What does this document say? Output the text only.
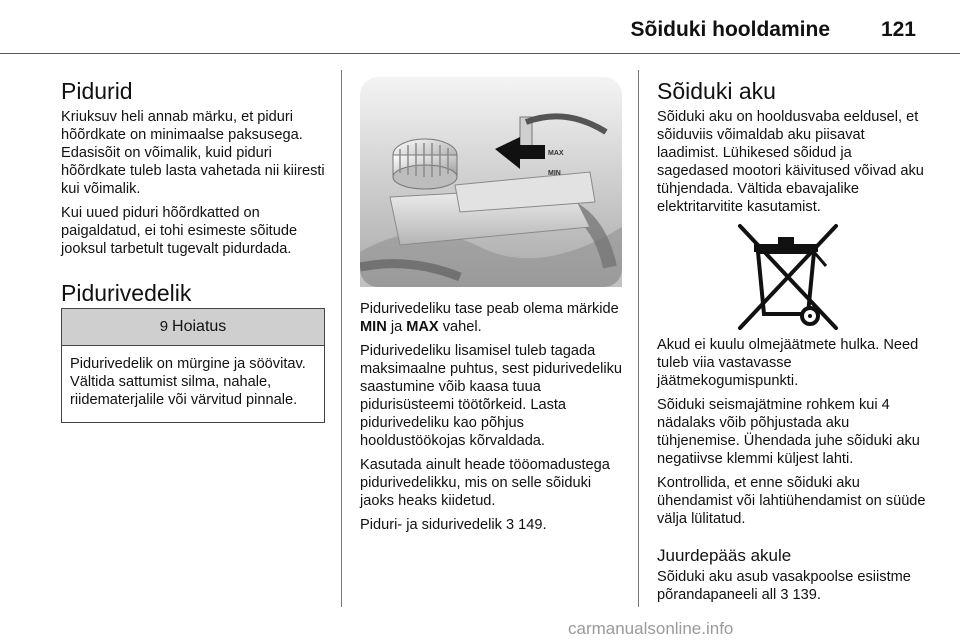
Sõiduki hooldamine 121
Pidurid

Kriuksuv heli annab märku, et piduri hõõrdkate on minimaalse paksusega. Edasisõit on võimalik, kuid piduri hõõrdkate tuleb lasta vahetada nii kiiresti kui võimalik.

Kui uued piduri hõõrdkatted on paigaldatud, ei tohi esimeste sõitude jooksul tarbetult tugevalt pidurdada.

Pidurivedelik
9 Hoiatus
Pidurivedelik on mürgine ja söövitav. Vältida sattumist silma, nahale, riidematerjalile või värvitud pinnale.
MAX
MIN

Pidurivedeliku tase peab olema märkide MIN ja MAX vahel.

Pidurivedeliku lisamisel tuleb tagada maksimaalne puhtus, sest pidurivedeliku saastumine võib kaasa tuua pidurisüsteemi töötõrkeid. Lasta pidurivedeliku kao põhjus hooldustöökojas kõrvaldada.

Kasutada ainult heade tööomadustega pidurivedelikku, mis on selle sõiduki jaoks heaks kiidetud.

Piduri- ja sidurivedelik 3 149.

Sõiduki aku

Sõiduki aku on hooldusvaba eeldusel, et sõiduviis võimaldab aku piisavat laadimist. Lühikesed sõidud ja sagedased mootori käivitused võivad aku tühjendada. Vältida ebavajalike elektritarvitite kasutamist.

Akud ei kuulu olmejäätmete hulka. Need tuleb viia vastavasse jäätmekogumispunkti.

Sõiduki seismajätmine rohkem kui 4 nädalaks võib põhjustada aku tühjenemise. Ühendada juhe sõiduki aku negatiivse klemmi küljest lahti.

Kontrollida, et enne sõiduki aku ühendamist või lahtiühendamist on süüde välja lülitatud.

Juurdepääs akule

Sõiduki aku asub vasakpoolse esiistme põrandapaneeli all 3 139.

carmanualsonline.info
